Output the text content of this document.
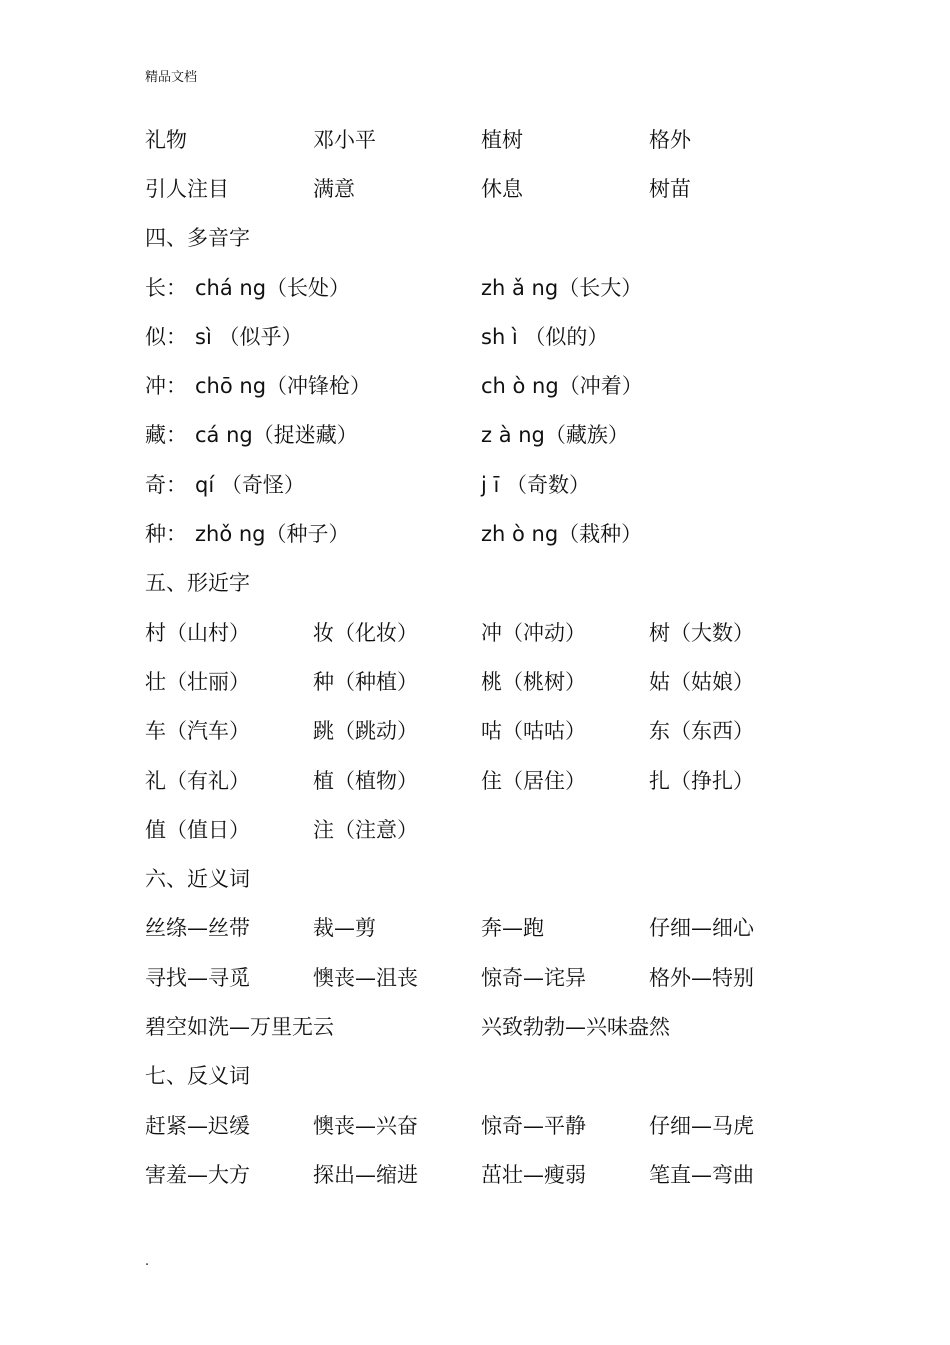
精品文档
礼物	邓小平	植树	格外
引人注目	满意	休息	树苗
四、多音字
长： chá ng（长处）	zh ǎ ng（长大）
似： sì （似乎）	sh ì （似的）
冲： chō ng（冲锋枪）	ch ò ng（冲着）
藏： cá ng（捉迷藏）	z à ng（藏族）
奇： qí （奇怪）	j ī （奇数）
种： zhǒ ng（种子）	zh ò ng（栽种）
五、形近字
村（山村）	妆（化妆）	冲（冲动）	树（大数）
壮（壮丽）	种（种植）	桃（桃树）	姑（姑娘）
车（汽车）	跳（跳动）	咕（咕咕）	东（东西）
礼（有礼）	植（植物）	住（居住）	扎（挣扎）
值（值日）	注（注意）
六、近义词
丝绦—丝带	裁—剪	奔—跑	仔细—细心
寻找—寻觅	懊丧—沮丧	惊奇—诧异	格外—特别
碧空如洗—万里无云	兴致勃勃—兴味盎然
七、反义词
赶紧—迟缓	懊丧—兴奋	惊奇—平静	仔细—马虎
害羞—大方	探出—缩进	茁壮—瘦弱	笔直—弯曲
.
